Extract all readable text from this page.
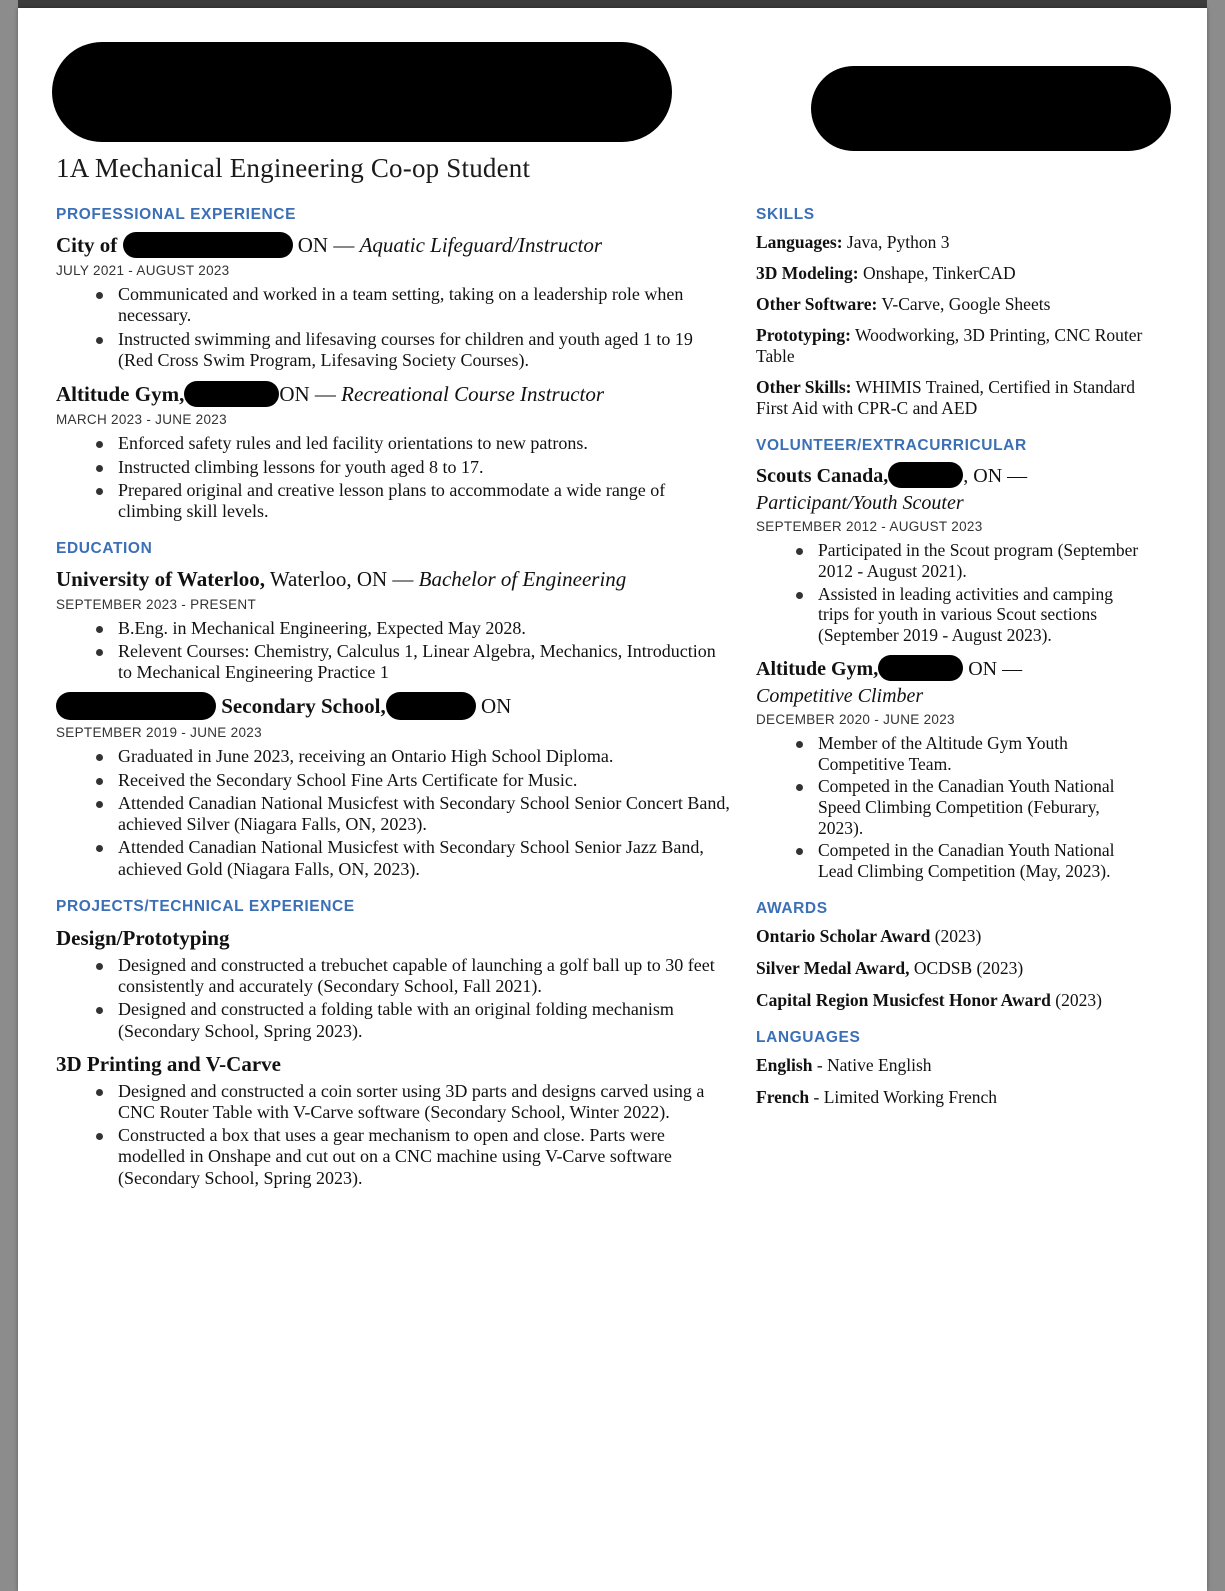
1A Mechanical Engineering Co-op Student
PROFESSIONAL EXPERIENCE
City of	ON — Aquatic Lifeguard/Instructor
JULY 2021 - AUGUST 2023
Communicated and worked in a team setting, taking on a leadership role when necessary.
Instructed swimming and lifesaving courses for children and youth aged 1 to 19 (Red Cross Swim Program, Lifesaving Society Courses).
Altitude Gym,	ON — Recreational Course Instructor
MARCH 2023 - JUNE 2023
Enforced safety rules and led facility orientations to new patrons.
Instructed climbing lessons for youth aged 8 to 17.
Prepared original and creative lesson plans to accommodate a wide range of climbing skill levels.
EDUCATION
University of Waterloo, Waterloo, ON — Bachelor of Engineering
SEPTEMBER 2023 - PRESENT
B.Eng. in Mechanical Engineering, Expected May 2028.
Relevent Courses: Chemistry, Calculus 1, Linear Algebra, Mechanics, Introduction to Mechanical Engineering Practice 1
Secondary School,	ON
SEPTEMBER 2019 - JUNE 2023
Graduated in June 2023, receiving an Ontario High School Diploma.
Received the Secondary School Fine Arts Certificate for Music.
Attended Canadian National Musicfest with Secondary School Senior Concert Band, achieved Silver (Niagara Falls, ON, 2023).
Attended Canadian National Musicfest with Secondary School Senior Jazz Band, achieved Gold (Niagara Falls, ON, 2023).
PROJECTS/TECHNICAL EXPERIENCE
Design/Prototyping
Designed and constructed a trebuchet capable of launching a golf ball up to 30 feet consistently and accurately (Secondary School, Fall 2021).
Designed and constructed a folding table with an original folding mechanism (Secondary School, Spring 2023).
3D Printing and V-Carve
Designed and constructed a coin sorter using 3D parts and designs carved using a CNC Router Table with V-Carve software (Secondary School, Winter 2022).
Constructed a box that uses a gear mechanism to open and close. Parts were modelled in Onshape and cut out on a CNC machine using V-Carve software (Secondary School, Spring 2023).
SKILLS
Languages: Java, Python 3
3D Modeling: Onshape, TinkerCAD
Other Software: V-Carve, Google Sheets
Prototyping: Woodworking, 3D Printing, CNC Router Table
Other Skills: WHIMIS Trained, Certified in Standard First Aid with CPR-C and AED
VOLUNTEER/EXTRACURRICULAR
Scouts Canada,	, ON —
Participant/Youth Scouter
SEPTEMBER 2012 - AUGUST 2023
Participated in the Scout program (September 2012 - August 2021).
Assisted in leading activities and camping trips for youth in various Scout sections (September 2019 - August 2023).
Altitude Gym,	ON —
Competitive Climber
DECEMBER 2020 - JUNE 2023
Member of the Altitude Gym Youth Competitive Team.
Competed in the Canadian Youth National Speed Climbing Competition (Feburary, 2023).
Competed in the Canadian Youth National Lead Climbing Competition (May, 2023).
AWARDS
Ontario Scholar Award (2023)
Silver Medal Award, OCDSB (2023)
Capital Region Musicfest Honor Award (2023)
LANGUAGES
English - Native English
French - Limited Working French
